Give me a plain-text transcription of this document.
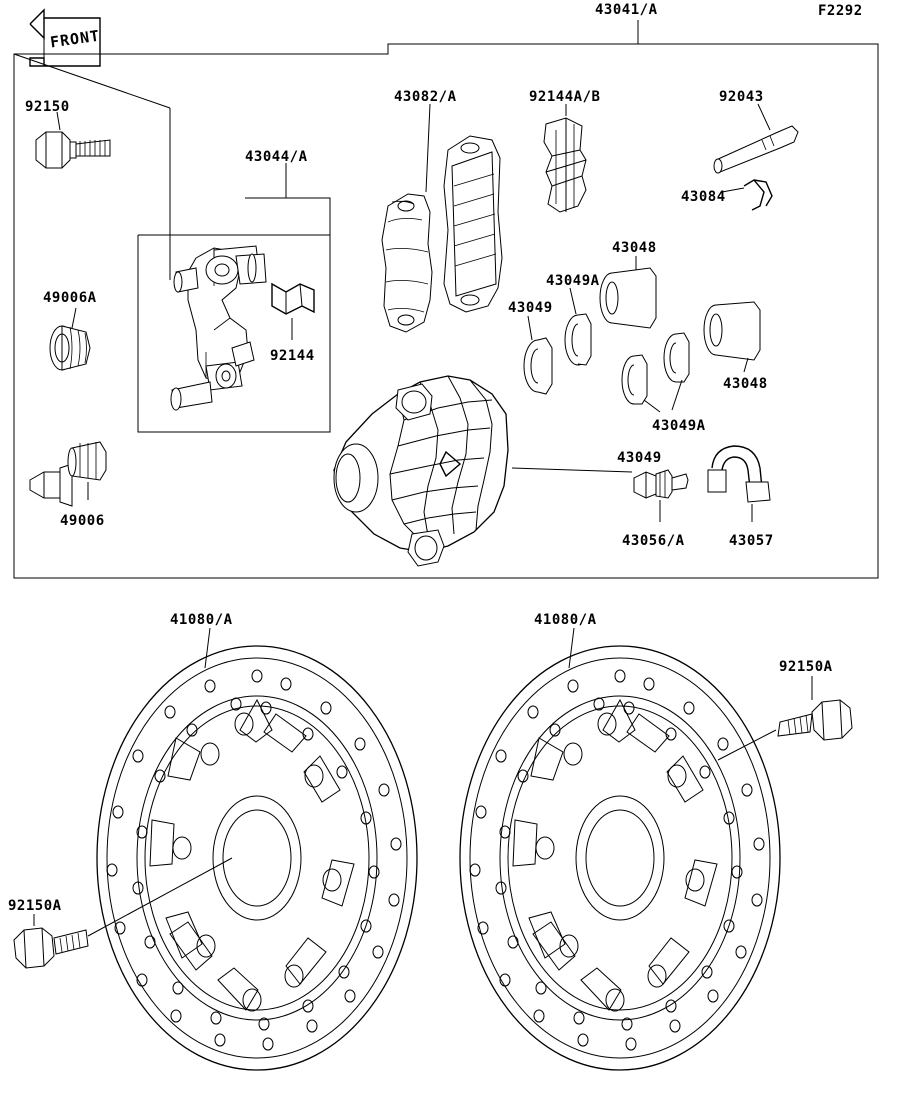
FRONT
43041/A	F2292
92150
43082/A	92144A/B	92043
43084
43044/A
43048
43049A
43049
49006A
92144
43048
43049A
43049
49006
43056/A	43057
41080/A	41080/A
92150A
92150A
